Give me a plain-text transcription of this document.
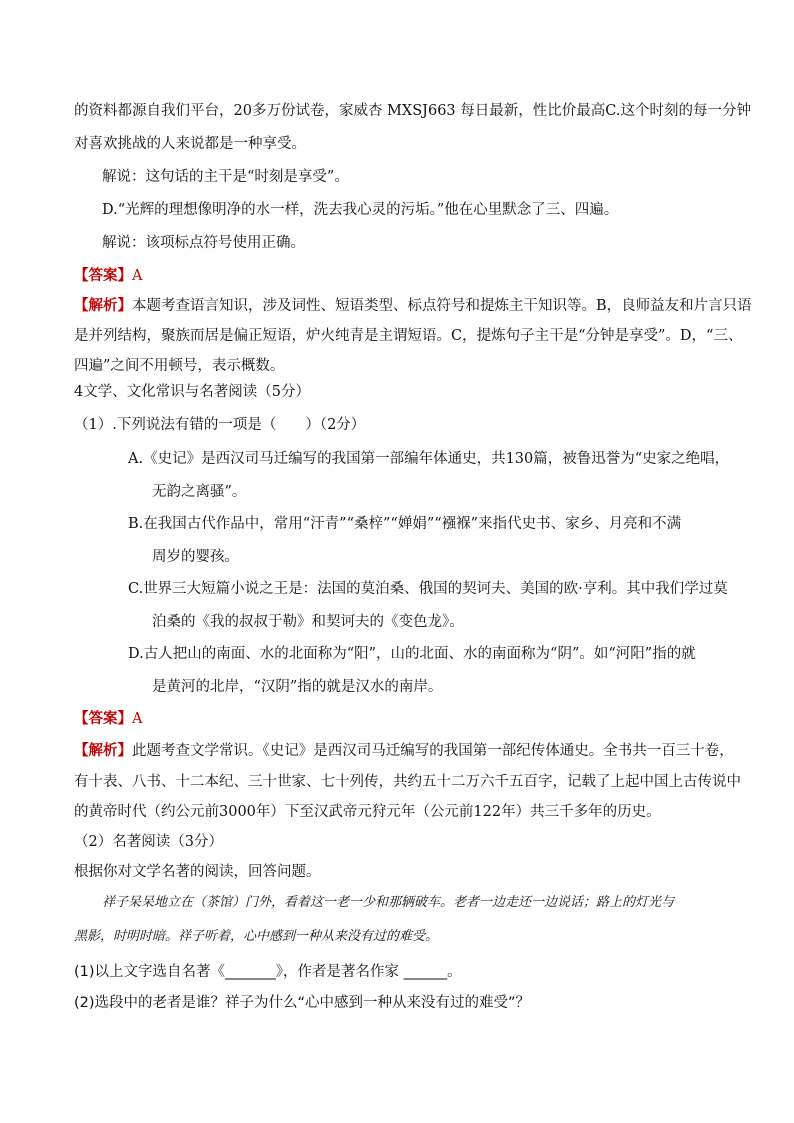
的资料都源自我们平台，20多万份试卷，家威杏 MXSJ663 每日最新，性比价最高C.这个时刻的每一分钟
对喜欢挑战的人来说都是一种享受。
解说：这句话的主干是“时刻是享受”。
D.“光辉的理想像明净的水一样，洗去我心灵的污垢。”他在心里默念了三、四遍。
解说：该项标点符号使用正确。
【答案】A
【解析】本题考查语言知识，涉及词性、短语类型、标点符号和提炼主干知识等。B，良师益友和片言只语
是并列结构，聚族而居是偏正短语，炉火纯青是主谓短语。C，提炼句子主干是“分钟是享受”。D，“三、
四遍”之间不用顿号，表示概数。
4文学、文化常识与名著阅读（5分）
（1）.下列说法有错的一项是（　　）（2分）
A.《史记》是西汉司马迁编写的我国第一部编年体通史，共130篇，被鲁迅誉为“史家之绝唱，
无韵之离骚”。
B.在我国古代作品中，常用“汗青”“桑梓”“婵娟”“襁褓”来指代史书、家乡、月亮和不满
周岁的婴孩。
C.世界三大短篇小说之王是：法国的莫泊桑、俄国的契诃夫、美国的欧·亨利。其中我们学过莫
泊桑的《我的叔叔于勒》和契诃夫的《变色龙》。
D.古人把山的南面、水的北面称为“阳”，山的北面、水的南面称为“阴”。如“河阳”指的就
是黄河的北岸，“汉阴”指的就是汉水的南岸。
【答案】A
【解析】此题考查文学常识。《史记》是西汉司马迁编写的我国第一部纪传体通史。全书共一百三十卷，
有十表、八书、十二本纪、三十世家、七十列传，共约五十二万六千五百字，记载了上起中国上古传说中
的黄帝时代（约公元前3000年）下至汉武帝元狩元年（公元前122年）共三千多年的历史。
（2）名著阅读（3分）
根据你对文学名著的阅读，回答问题。
祥子呆呆地立在（茶馆）门外，看着这一老一少和那辆破车。老者一边走还一边说话；路上的灯光与
黑影，时明时暗。祥子听着，心中感到一种从来没有过的难受。
(1)以上文字选自名著《_______》，作者是著名作家 ______。
(2)选段中的老者是谁？祥子为什么“心中感到一种从来没有过的难受”？
